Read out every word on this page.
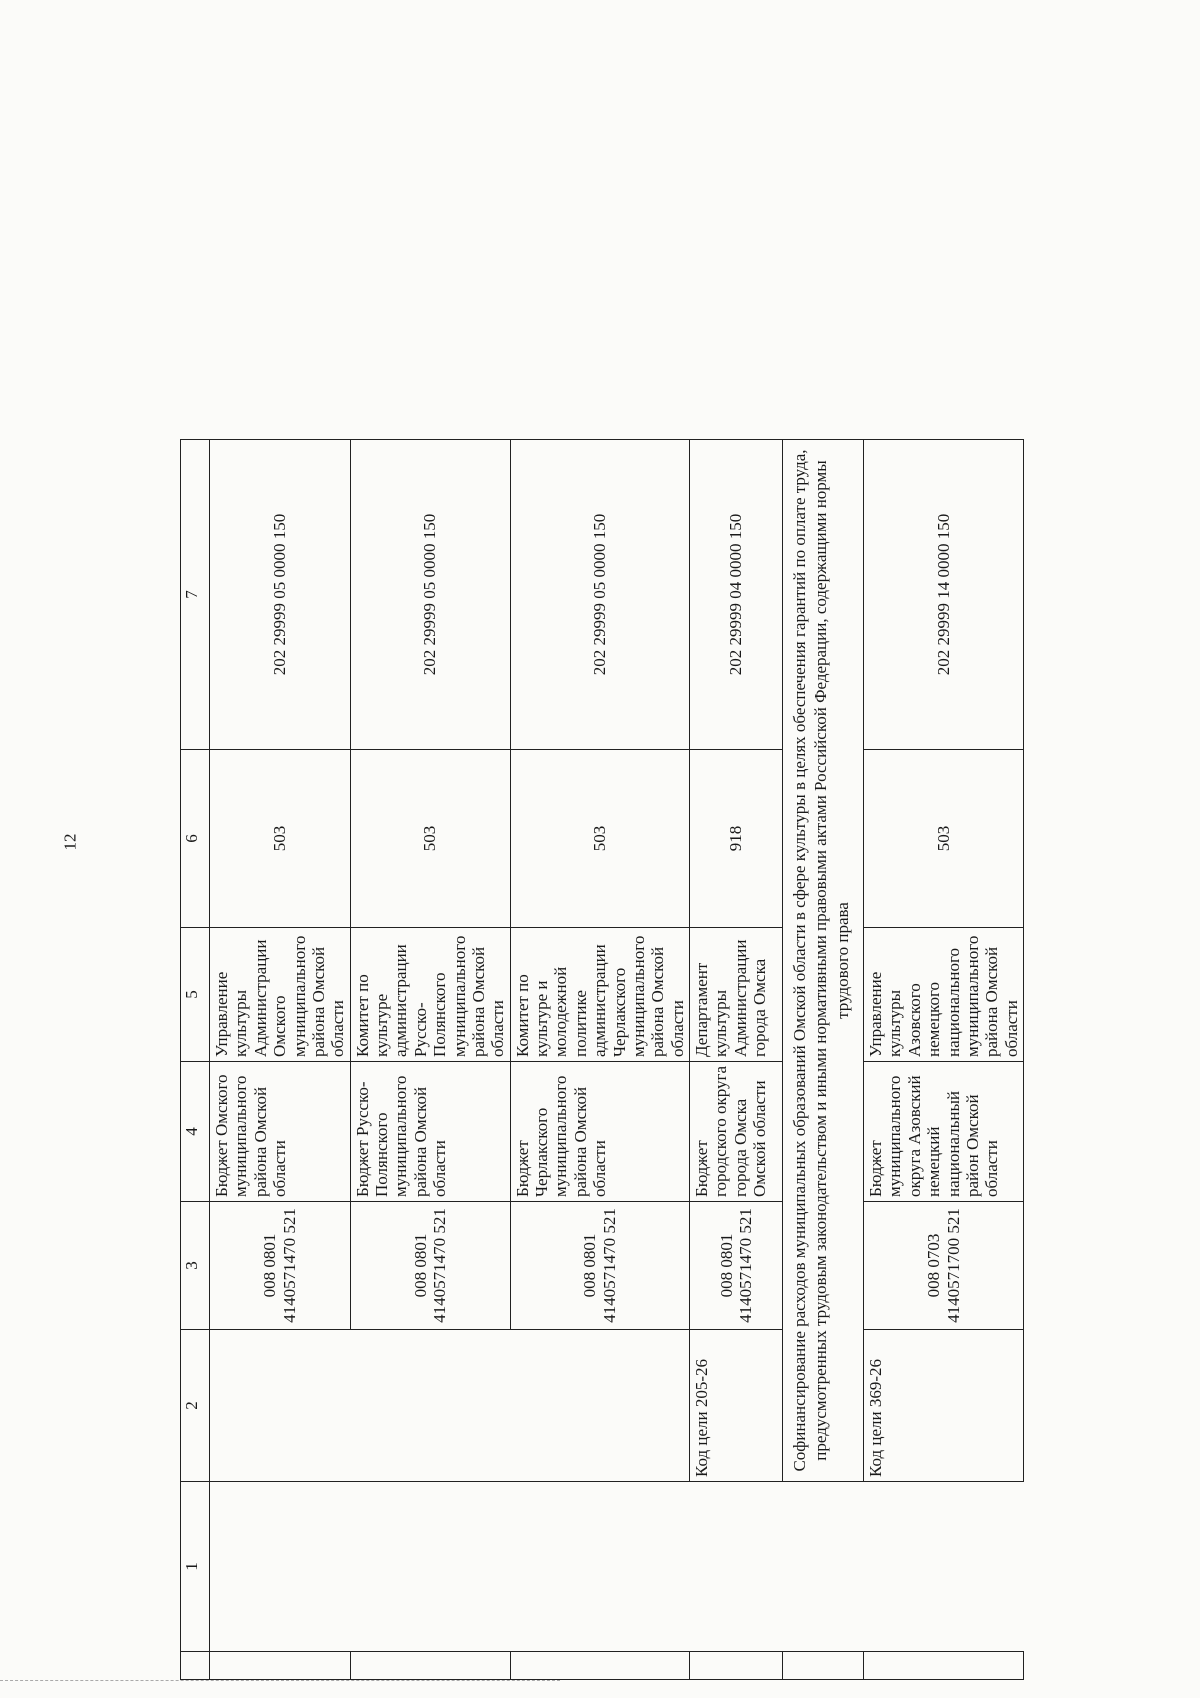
12
	1	2	3	4	5	6	7
			008 0801
4140571470 521	Бюджет Омского муниципального района Омской области	Управление культуры Администрации Омского муниципального района Омской области	503	202 29999 05 0000 150
			008 0801
4140571470 521	Бюджет Русско-Полянского муниципального района Омской области	Комитет по культуре администрации Русско-Полянского муниципального района Омской области	503	202 29999 05 0000 150
			008 0801
4140571470 521	Бюджет Черлакского муниципального района Омской области	Комитет по культуре и молодежной политике администрации Черлакского муниципального района Омской области	503	202 29999 05 0000 150
		Код цели 205-26	008 0801
4140571470 521	Бюджет городского округа города Омска Омской области	Департамент культуры Администрации города Омска	918	202 29999 04 0000 150
		Софинансирование расходов муниципальных образований Омской области в сфере культуры в целях обеспечения гарантий по оплате труда, предусмотренных трудовым законодательством и иными нормативными правовыми актами Российской Федерации, содержащими нормы трудового права					
		Код цели 369-26	008 0703
4140571700 521	Бюджет муниципального округа Азовский немецкий национальный район Омской области	Управление культуры Азовского немецкого национального муниципального района Омской области	503	202 29999 14 0000 150
